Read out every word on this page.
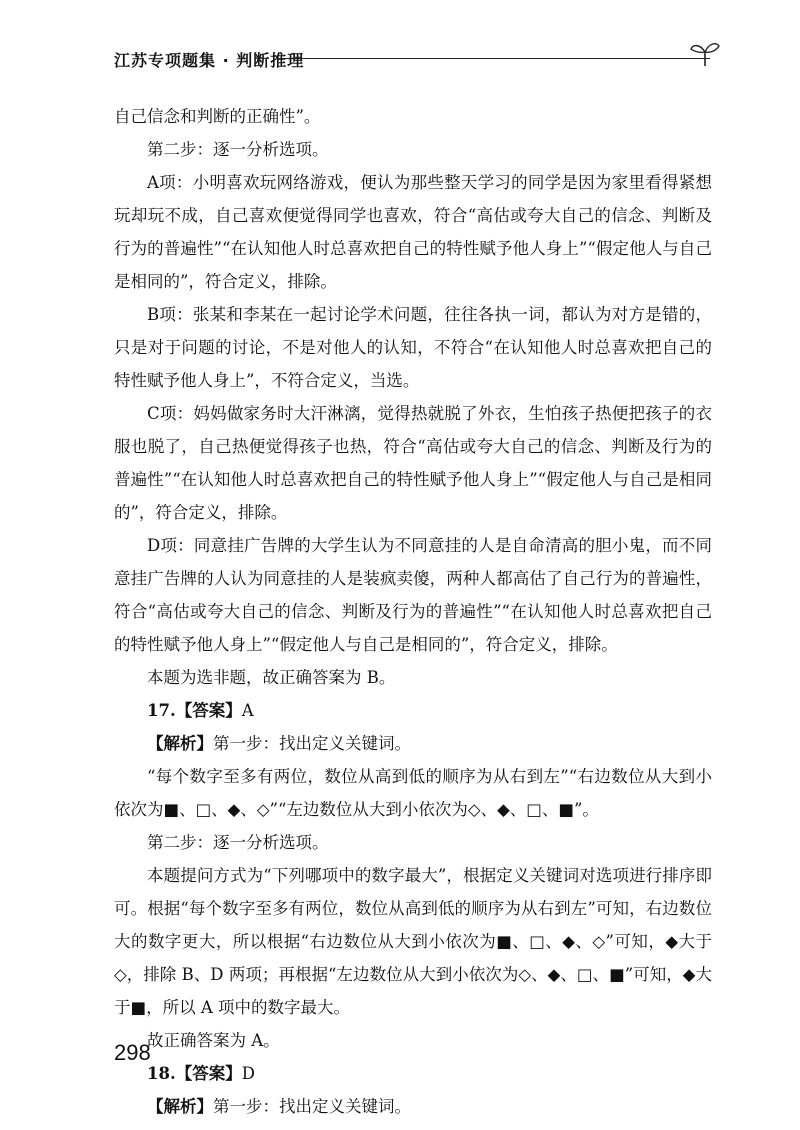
江苏专项题集 · 判断推理

自己信念和判断的正确性”。

第二步：逐一分析选项。

A项：小明喜欢玩网络游戏，便认为那些整天学习的同学是因为家里看得紧想玩却玩不成，自己喜欢便觉得同学也喜欢，符合“高估或夸大自己的信念、判断及行为的普遍性”“在认知他人时总喜欢把自己的特性赋予他人身上”“假定他人与自己是相同的”，符合定义，排除。

B项：张某和李某在一起讨论学术问题，往往各执一词，都认为对方是错的，只是对于问题的讨论，不是对他人的认知，不符合“在认知他人时总喜欢把自己的特性赋予他人身上”，不符合定义，当选。

C项：妈妈做家务时大汗淋漓，觉得热就脱了外衣，生怕孩子热便把孩子的衣服也脱了，自己热便觉得孩子也热，符合“高估或夸大自己的信念、判断及行为的普遍性”“在认知他人时总喜欢把自己的特性赋予他人身上”“假定他人与自己是相同的”，符合定义，排除。

D项：同意挂广告牌的大学生认为不同意挂的人是自命清高的胆小鬼，而不同意挂广告牌的人认为同意挂的人是装疯卖傻，两种人都高估了自己行为的普遍性，符合“高估或夸大自己的信念、判断及行为的普遍性”“在认知他人时总喜欢把自己的特性赋予他人身上”“假定他人与自己是相同的”，符合定义，排除。

本题为选非题，故正确答案为 B。

17.【答案】A

【解析】第一步：找出定义关键词。

“每个数字至多有两位，数位从高到低的顺序为从右到左”“右边数位从大到小依次为■、□、◆、◇”“左边数位从大到小依次为◇、◆、□、■”。

第二步：逐一分析选项。

本题提问方式为“下列哪项中的数字最大”，根据定义关键词对选项进行排序即可。根据“每个数字至多有两位，数位从高到低的顺序为从右到左”可知，右边数位大的数字更大，所以根据“右边数位从大到小依次为■、□、◆、◇”可知，◆大于◇，排除 B、D 两项；再根据“左边数位从大到小依次为◇、◆、□、■”可知，◆大于■，所以 A 项中的数字最大。

故正确答案为 A。

18.【答案】D

【解析】第一步：找出定义关键词。

298
